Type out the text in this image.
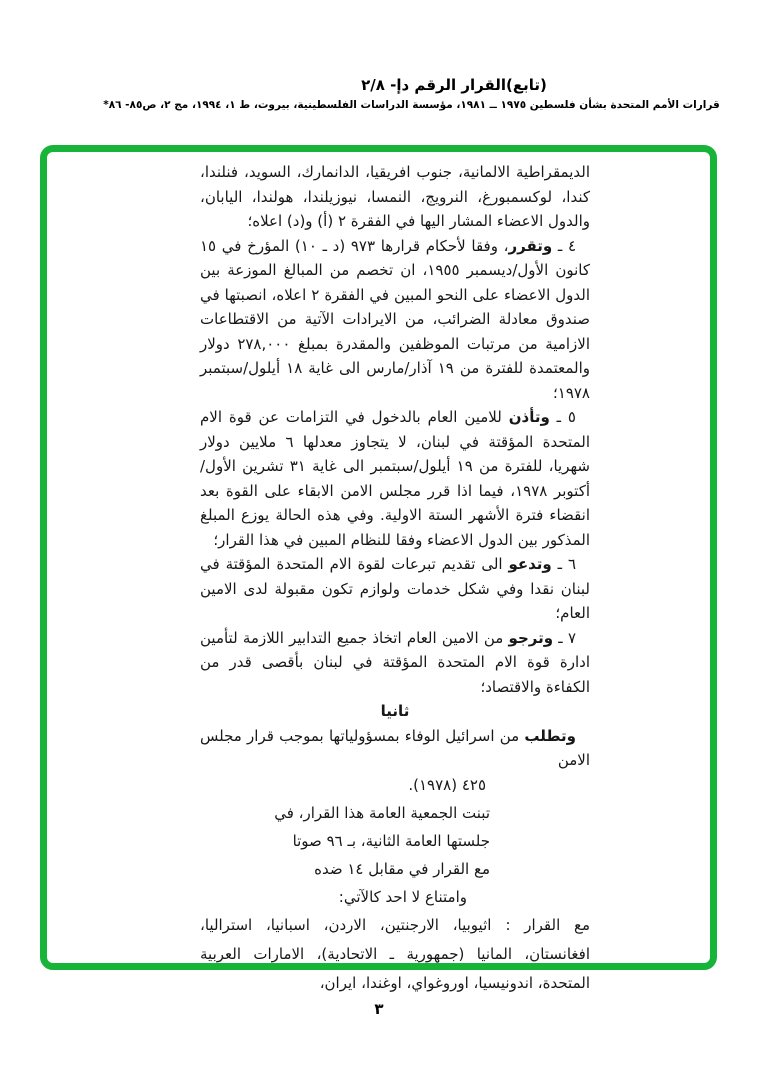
(تابع)القرار الرقم دإ- ٢/٨
قرارات الأمم المتحدة بشأن فلسطين ١٩٧٥ ــ ١٩٨١، مؤسسة الدراسات الفلسطينية، بيروت، ط ١، ١٩٩٤، مج ٢، ص٨٥- ٨٦*

الديمقراطية الالمانية، جنوب افريقيا، الدانمارك، السويد، فنلندا، كندا، لوكسمبورغ، النرويج، النمسا، نيوزيلندا، هولندا، اليابان، والدول الاعضاء المشار اليها في الفقرة ٢ (أ) و(د) اعلاه؛

٤ ـ وتقرر، وفقا لأحكام قرارها ٩٧٣ (د ـ ١٠) المؤرخ في ١٥ كانون الأول/ديسمبر ١٩٥٥، ان تخصم من المبالغ الموزعة بين الدول الاعضاء على النحو المبين في الفقرة ٢ اعلاه، انصبتها في صندوق معادلة الضرائب، من الايرادات الآتية من الاقتطاعات الازامية من مرتبات الموظفين والمقدرة بمبلغ ٢٧٨,٠٠٠ دولار والمعتمدة للفترة من ١٩ آذار/مارس الى غاية ١٨ أيلول/سبتمبر ١٩٧٨؛

٥ ـ وتأذن للامين العام بالدخول في التزامات عن قوة الام المتحدة المؤقتة في لبنان، لا يتجاوز معدلها ٦ ملايين دولار شهريا، للفترة من ١٩ أيلول/سبتمبر الى غاية ٣١ تشرين الأول/أكتوبر ١٩٧٨، فيما اذا قرر مجلس الامن الابقاء على القوة بعد انقضاء فترة الأشهر الستة الاولية. وفي هذه الحالة يوزع المبلغ المذكور بين الدول الاعضاء وفقا للنظام المبين في هذا القرار؛

٦ ـ وتدعو الى تقديم تبرعات لقوة الام المتحدة المؤقتة في لبنان نقدا وفي شكل خدمات ولوازم تكون مقبولة لدى الامين العام؛

٧ ـ وترجو من الامين العام اتخاذ جميع التدابير اللازمة لتأمين ادارة قوة الام المتحدة المؤقتة في لبنان بأقصى قدر من الكفاءة والاقتصاد؛

ثانيا

وتطلب من اسرائيل الوفاء بمسؤولياتها بموجب قرار مجلس الامن

٤٢٥ (١٩٧٨).

تبنت الجمعية العامة هذا القرار، في
جلستها العامة الثانية، بـ ٩٦ صوتا
مع القرار في مقابل ١٤ ضده
وامتناع لا احد كالآتي:

مع القرار :اثيوبيا، الارجنتين، الاردن، اسبانيا، استراليا، افغانستان، المانيا (جمهورية ـ الاتحادية)، الامارات العربية المتحدة، اندونيسيا، اوروغواي، اوغندا، ايران،

٣
